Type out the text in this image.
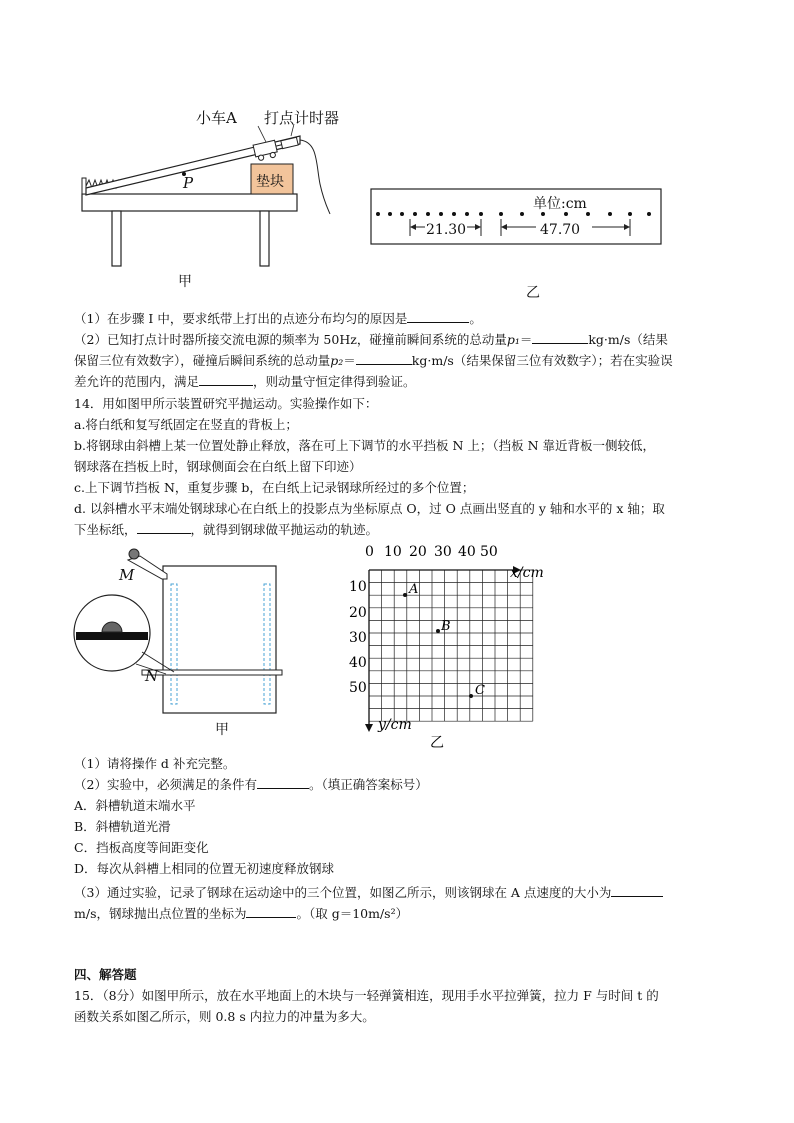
小车A 打点计时器
P	垫块
甲
单位:cm
21.30	47.70
乙
（1）在步骤 I 中，要求纸带上打出的点迹分布均匀的原因是	。
（2）已知打点计时器所接交流电源的频率为 50Hz，碰撞前瞬间系统的总动量p₁＝	kg·m/s（结果
保留三位有效数字），碰撞后瞬间系统的总动量p₂＝	kg·m/s（结果保留三位有效数字）；若在实验误
差允许的范围内，满足	，则动量守恒定律得到验证。
14．用如图甲所示装置研究平抛运动。实验操作如下：
a.将白纸和复写纸固定在竖直的背板上；
b.将钢球由斜槽上某一位置处静止释放，落在可上下调节的水平挡板 N 上；（挡板 N 靠近背板一侧较低，
钢球落在挡板上时，钢球侧面会在白纸上留下印迹）
c.上下调节挡板 N，重复步骤 b，在白纸上记录钢球所经过的多个位置；
d. 以斜槽水平末端处钢球球心在白纸上的投影点为坐标原点 O，过 O 点画出竖直的 y 轴和水平的 x 轴；取
下坐标纸，	，就得到钢球做平抛运动的轨迹。
M
N
甲
0 10 20 30 40 50
10
20
30
40
50
x/cm
y/cm
A
B
C
乙
（1）请将操作 d 补充完整。
（2）实验中，必须满足的条件有	。（填正确答案标号）
A．斜槽轨道末端水平
B．斜槽轨道光滑
C．挡板高度等间距变化
D．每次从斜槽上相同的位置无初速度释放钢球
（3）通过实验，记录了钢球在运动途中的三个位置，如图乙所示，则该钢球在 A 点速度的大小为
m/s，钢球抛出点位置的坐标为	。（取 g＝10m/s²）
四、解答题
15．（8分）如图甲所示，放在水平地面上的木块与一轻弹簧相连，现用手水平拉弹簧，拉力 F 与时间 t 的
函数关系如图乙所示，则 0.8 s 内拉力的冲量为多大。
